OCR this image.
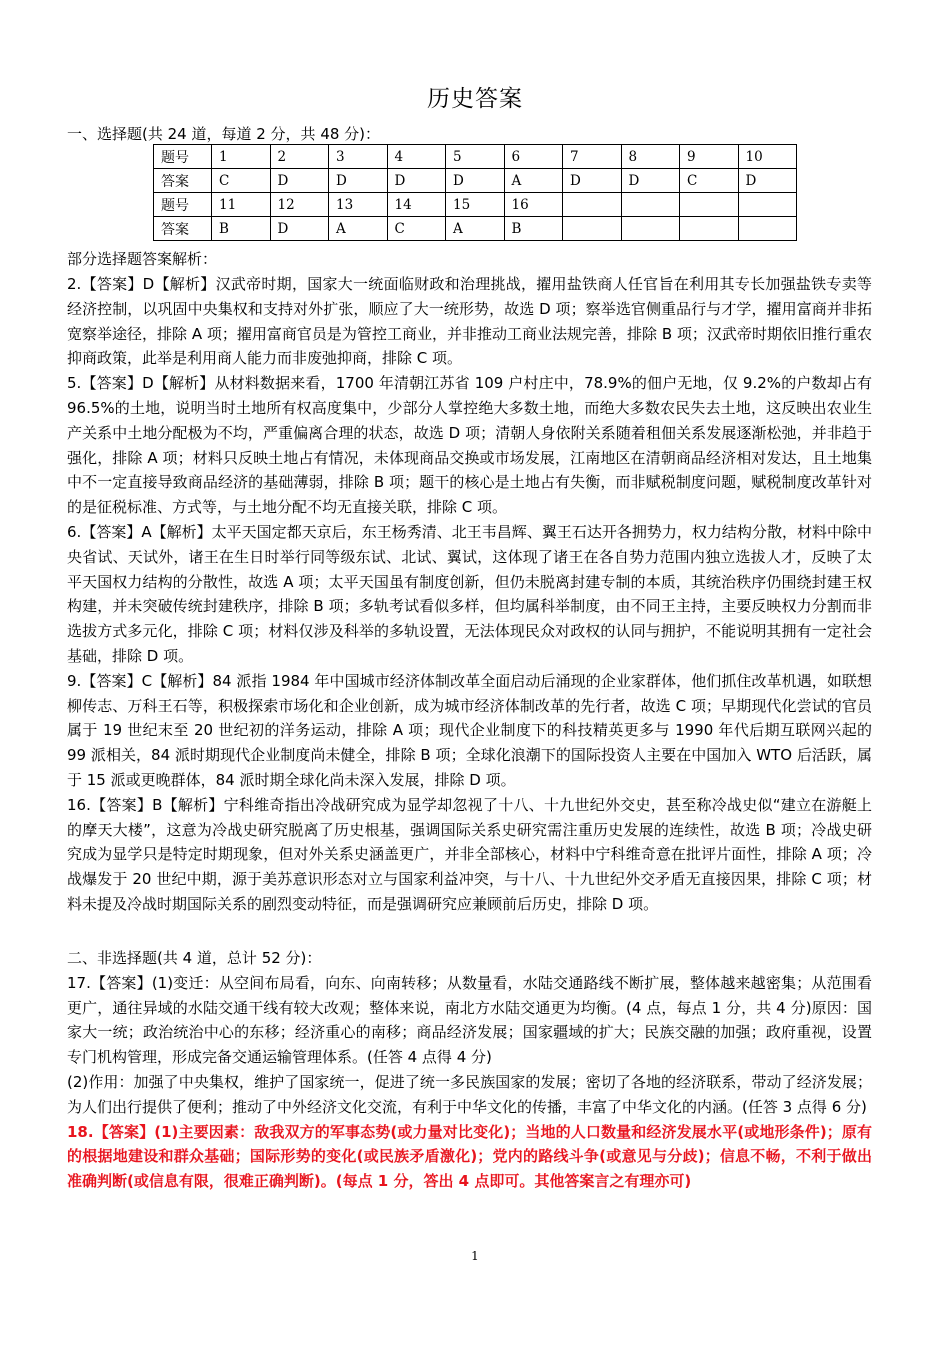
历史答案
一、选择题(共 24 道，每道 2 分，共 48 分)：
题号	1	2	3	4	5	6	7	8	9	10
答案	C	D	D	D	D	A	D	D	C	D
题号	11	12	13	14	15	16				
答案	B	D	A	C	A	B				
部分选择题答案解析：

2.【答案】D【解析】汉武帝时期，国家大一统面临财政和治理挑战，擢用盐铁商人任官旨在利用其专长加强盐铁专卖等经济控制，以巩固中央集权和支持对外扩张，顺应了大一统形势，故选 D 项；察举选官侧重品行与才学，擢用富商并非拓宽察举途径，排除 A 项；擢用富商官员是为管控工商业，并非推动工商业法规完善，排除 B 项；汉武帝时期依旧推行重农抑商政策，此举是利用商人能力而非废弛抑商，排除 C 项。

5.【答案】D【解析】从材料数据来看，1700 年清朝江苏省 109 户村庄中，78.9%的佃户无地，仅 9.2%的户数却占有 96.5%的土地，说明当时土地所有权高度集中，少部分人掌控绝大多数土地，而绝大多数农民失去土地，这反映出农业生产关系中土地分配极为不均，严重偏离合理的状态，故选 D 项；清朝人身依附关系随着租佃关系发展逐渐松弛，并非趋于强化，排除 A 项；材料只反映土地占有情况，未体现商品交换或市场发展，江南地区在清朝商品经济相对发达，且土地集中不一定直接导致商品经济的基础薄弱，排除 B 项；题干的核心是土地占有失衡，而非赋税制度问题，赋税制度改革针对的是征税标准、方式等，与土地分配不均无直接关联，排除 C 项。

6.【答案】A【解析】太平天国定都天京后，东王杨秀清、北王韦昌辉、翼王石达开各拥势力，权力结构分散，材料中除中央省试、天试外，诸王在生日时举行同等级东试、北试、翼试，这体现了诸王在各自势力范围内独立选拔人才，反映了太平天国权力结构的分散性，故选 A 项；太平天国虽有制度创新，但仍未脱离封建专制的本质，其统治秩序仍围绕封建王权构建，并未突破传统封建秩序，排除 B 项；多轨考试看似多样，但均属科举制度，由不同王主持，主要反映权力分割而非选拔方式多元化，排除 C 项；材料仅涉及科举的多轨设置，无法体现民众对政权的认同与拥护，不能说明其拥有一定社会基础，排除 D 项。

9.【答案】C【解析】84 派指 1984 年中国城市经济体制改革全面启动后涌现的企业家群体，他们抓住改革机遇，如联想柳传志、万科王石等，积极探索市场化和企业创新，成为城市经济体制改革的先行者，故选 C 项；早期现代化尝试的官员属于 19 世纪末至 20 世纪初的洋务运动，排除 A 项；现代企业制度下的科技精英更多与 1990 年代后期互联网兴起的 99 派相关，84 派时期现代企业制度尚未健全，排除 B 项；全球化浪潮下的国际投资人主要在中国加入 WTO 后活跃，属于 15 派或更晚群体，84 派时期全球化尚未深入发展，排除 D 项。

16.【答案】B【解析】宁科维奇指出冷战研究成为显学却忽视了十八、十九世纪外交史，甚至称冷战史似“建立在游艇上的摩天大楼”，这意为冷战史研究脱离了历史根基，强调国际关系史研究需注重历史发展的连续性，故选 B 项；冷战史研究成为显学只是特定时期现象，但对外关系史涵盖更广，并非全部核心，材料中宁科维奇意在批评片面性，排除 A 项；冷战爆发于 20 世纪中期，源于美苏意识形态对立与国家利益冲突，与十八、十九世纪外交矛盾无直接因果，排除 C 项；材料未提及冷战时期国际关系的剧烈变动特征，而是强调研究应兼顾前后历史，排除 D 项。

二、非选择题(共 4 道，总计 52 分)：

17.【答案】(1)变迁：从空间布局看，向东、向南转移；从数量看，水陆交通路线不断扩展，整体越来越密集；从范围看更广，通往异域的水陆交通干线有较大改观；整体来说，南北方水陆交通更为均衡。(4 点，每点 1 分，共 4 分)原因：国家大一统；政治统治中心的东移；经济重心的南移；商品经济发展；国家疆域的扩大；民族交融的加强；政府重视，设置专门机构管理，形成完备交通运输管理体系。(任答 4 点得 4 分)

(2)作用：加强了中央集权，维护了国家统一，促进了统一多民族国家的发展；密切了各地的经济联系，带动了经济发展；为人们出行提供了便利；推动了中外经济文化交流，有利于中华文化的传播，丰富了中华文化的内涵。(任答 3 点得 6 分)

18.【答案】(1)主要因素：敌我双方的军事态势(或力量对比变化)；当地的人口数量和经济发展水平(或地形条件)；原有的根据地建设和群众基础；国际形势的变化(或民族矛盾激化)；党内的路线斗争(或意见与分歧)；信息不畅，不利于做出准确判断(或信息有限，很难正确判断)。(每点 1 分，答出 4 点即可。其他答案言之有理亦可)

1
